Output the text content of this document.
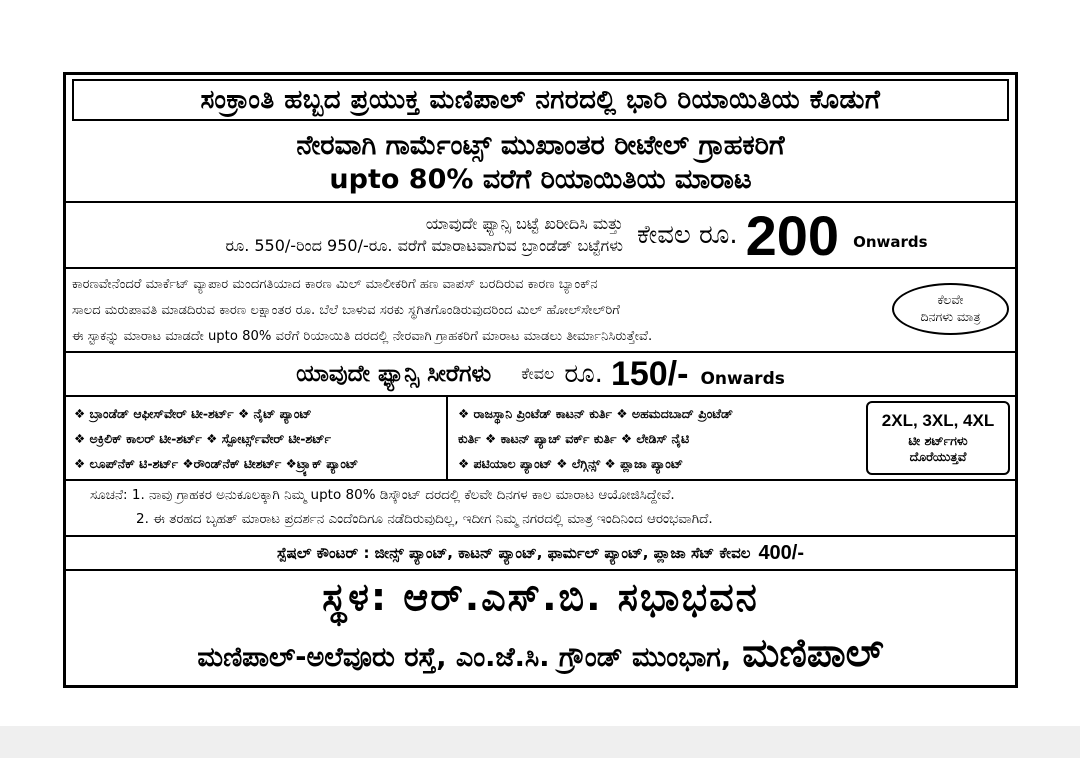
ಸಂಕ್ರಾಂತಿ ಹಬ್ಬದ ಪ್ರಯುಕ್ತ ಮಣಿಪಾಲ್ ನಗರದಲ್ಲಿ ಭಾರಿ ರಿಯಾಯಿತಿಯ ಕೊಡುಗೆ
ನೇರವಾಗಿ ಗಾರ್ಮೆಂಟ್ಸ್ ಮುಖಾಂತರ ರೀಟೇಲ್ ಗ್ರಾಹಕರಿಗೆ
upto 80% ವರೆಗೆ ರಿಯಾಯಿತಿಯ ಮಾರಾಟ
ಯಾವುದೇ ಫ್ಯಾನ್ಸಿ ಬಟ್ಟೆ ಖರೀದಿಸಿ ಮತ್ತು
ರೂ. 550/-ರಿಂದ 950/-ರೂ. ವರೆಗೆ ಮಾರಾಟವಾಗುವ ಬ್ರಾಂಡೆಡ್ ಬಟ್ಟೆಗಳು ಕೇವಲ ರೂ. 200 Onwards
ಕಾರಣವೇನೆಂದರೆ ಮಾರ್ಕೆಟ್ ವ್ಯಾಪಾರ ಮಂದಗತಿಯಾದ ಕಾರಣ ಮಿಲ್ ಮಾಲೀಕರಿಗೆ ಹಣ ವಾಪಸ್ ಬರದಿರುವ ಕಾರಣ ಬ್ಯಾಂಕ್‌ನ
ಸಾಲದ ಮರುಪಾವತಿ ಮಾಡದಿರುವ ಕಾರಣ ಲಕ್ಷಾಂತರ ರೂ. ಬೆಲೆ ಬಾಳುವ ಸರಕು ಸ್ಥಗಿತಗೊಂಡಿರುವುದರಿಂದ ಮಿಲ್ ಹೋಲ್‌ಸೇಲ್‌ರಿಗೆ
ಈ ಸ್ಟಾಕನ್ನು ಮಾರಾಟ ಮಾಡದೇ upto 80% ವರೆಗೆ ರಿಯಾಯಿತಿ ದರದಲ್ಲಿ ನೇರವಾಗಿ ಗ್ರಾಹಕರಿಗೆ ಮಾರಾಟ ಮಾಡಲು ತೀರ್ಮಾನಿಸಿರುತ್ತೇವೆ.
ಕೆಲವೇ
ದಿನಗಳು ಮಾತ್ರ
ಯಾವುದೇ ಫ್ಯಾನ್ಸಿ ಸೀರೆಗಳು ಕೇವಲ ರೂ. 150/- Onwards
❖ ಬ್ರಾಂಡೆಡ್ ಆಫೀಸ್‌ವೇರ್ ಟೀ-ಶರ್ಟ್ ❖ ನೈಟ್ ಪ್ಯಾಂಟ್
❖ ಅಕ್ರಿಲಿಕ್ ಕಾಲರ್ ಟೀ-ಶರ್ಟ್ ❖ ಸ್ಪೋರ್ಟ್ಸ್‌ವೇರ್ ಟೀ-ಶರ್ಟ್
❖ ಲೂಪ್‌ನೆಕ್ ಟಿ-ಶರ್ಟ್ ❖ರೌಂಡ್‌ನೆಕ್ ಟೀಶರ್ಟ್ ❖ಟ್ರ್ಯಾಕ್ ಪ್ಯಾಂಟ್
❖ ರಾಜಸ್ಥಾನಿ ಪ್ರಿಂಟೆಡ್ ಕಾಟನ್ ಕುರ್ತಿ ❖ ಅಹಮದಬಾದ್ ಪ್ರಿಂಟೆಡ್
ಕುರ್ತಿ ❖ ಕಾಟನ್ ಪ್ಯಾಚ್ ವರ್ಕ್ ಕುರ್ತಿ ❖ ಲೇಡಿಸ್ ನೈಟಿ
❖ ಪಟಿಯಾಲ ಪ್ಯಾಂಟ್ ❖ ಲೆಗ್ಗಿನ್ಸ್ ❖ ಪ್ಲಾಜಾ ಪ್ಯಾಂಟ್
2XL, 3XL, 4XL
ಟೀ ಶರ್ಟ್‌ಗಳು
ದೊರೆಯುತ್ತವೆ
ಸೂಚನೆ: 1. ನಾವು ಗ್ರಾಹಕರ ಅನುಕೂಲಕ್ಕಾಗಿ ನಿಮ್ಮ upto 80% ಡಿಸ್ಕೌಂಟ್ ದರದಲ್ಲಿ ಕೆಲವೇ ದಿನಗಳ ಕಾಲ ಮಾರಾಟ ಆಯೋಜಿಸಿದ್ದೇವೆ.
2. ಈ ತರಹದ ಬೃಹತ್ ಮಾರಾಟ ಪ್ರದರ್ಶನ ಎಂದೆಂದಿಗೂ ನಡೆದಿರುವುದಿಲ್ಲ, ಇದೀಗ ನಿಮ್ಮ ನಗರದಲ್ಲಿ ಮಾತ್ರ ಇಂದಿನಿಂದ ಆರಂಭವಾಗಿದೆ.
ಸ್ಪೆಷಲ್ ಕೌಂಟರ್ : ಜೀನ್ಸ್ ಪ್ಯಾಂಟ್, ಕಾಟನ್ ಪ್ಯಾಂಟ್, ಫಾರ್ಮಲ್ ಪ್ಯಾಂಟ್, ಪ್ಲಾಜಾ ಸೆಟ್ ಕೇವಲ 400/-
ಸ್ಥಳ: ಆರ್.ಎಸ್.ಬಿ. ಸಭಾಭವನ
ಮಣಿಪಾಲ್-ಅಲೆವೂರು ರಸ್ತೆ, ಎಂ.ಜೆ.ಸಿ. ಗ್ರೌಂಡ್ ಮುಂಭಾಗ, ಮಣಿಪಾಲ್
